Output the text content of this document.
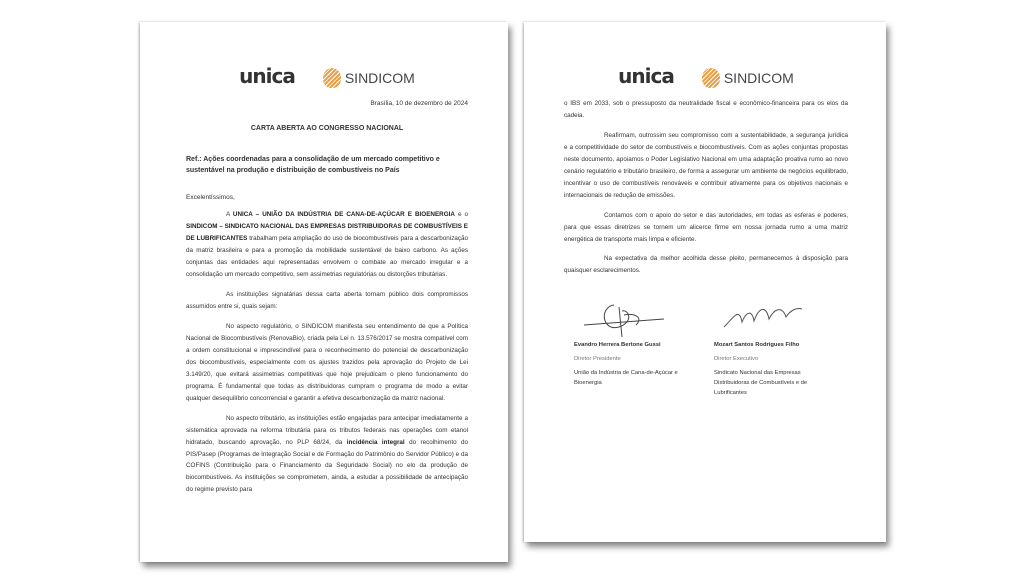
unica	SINDICOM
Brasília, 10 de dezembro de 2024
CARTA ABERTA AO CONGRESSO NACIONAL
Ref.: Ações coordenadas para a consolidação de um mercado competitivo e sustentável na produção e distribuição de combustíveis no País
Excelentíssimos,

A UNICA – UNIÃO DA INDÚSTRIA DE CANA-DE-AÇÚCAR E BIOENERGIA e o SINDICOM – SINDICATO NACIONAL DAS EMPRESAS DISTRIBUIDORAS DE COMBUSTÍVEIS E DE LUBRIFICANTES trabalham pela ampliação do uso de biocombustíveis para a descarbonização da matriz brasileira e para a promoção da mobilidade sustentável de baixo carbono. As ações conjuntas das entidades aqui representadas envolvem o combate ao mercado irregular e a consolidação um mercado competitivo, sem assimetrias regulatórias ou distorções tributárias.

As instituições signatárias dessa carta aberta tornam público dois compromissos assumidos entre si, quais sejam:

No aspecto regulatório, o SINDICOM manifesta seu entendimento de que a Política Nacional de Biocombustíveis (RenovaBio), criada pela Lei n. 13.576/2017 se mostra compatível com a ordem constitucional e imprescindível para o reconhecimento do potencial de descarbonização dos biocombustíveis, especialmente com os ajustes trazidos pela aprovação do Projeto de Lei 3.149/20, que evitará assimetrias competitivas que hoje prejudicam o pleno funcionamento do programa. É fundamental que todas as distribuidoras cumpram o programa de modo a evitar qualquer desequilíbrio concorrencial e garantir a efetiva descarbonização da matriz nacional.

No aspecto tributário, as instituições estão engajadas para antecipar imediatamente a sistemática aprovada na reforma tributária para os tributos federais nas operações com etanol hidratado, buscando aprovação, no PLP 68/24, da incidência integral do recolhimento do PIS/Pasep (Programas de Integração Social e de Formação do Patrimônio do Servidor Público) e da COFINS (Contribuição para o Financiamento da Seguridade Social) no elo da produção de biocombustíveis. As instituições se comprometem, ainda, a estudar a possibilidade de antecipação do regime previsto para

unica	SINDICOM

o IBS em 2033, sob o pressuposto da neutralidade fiscal e econômico-financeira para os elos da cadeia.

Reafirmam, outrossim seu compromisso com a sustentabilidade, a segurança jurídica e a competitividade do setor de combustíveis e biocombustíveis. Com as ações conjuntas propostas neste documento, apoiamos o Poder Legislativo Nacional em uma adaptação proativa rumo ao novo cenário regulatório e tributário brasileiro, de forma a assegurar um ambiente de negócios equilibrado, incentivar o uso de combustíveis renováveis e contribuir ativamente para os objetivos nacionais e internacionais de redução de emissões.

Contamos com o apoio do setor e das autoridades, em todas as esferas e poderes, para que essas diretrizes se tornem um alicerce firme em nossa jornada rumo a uma matriz energética de transporte mais limpa e eficiente.

Na expectativa da melhor acolhida desse pleito, permanecemos à disposição para quaisquer esclarecimentos.

Evandro Herrera Bertone Gussi
Diretor Presidente
União da Indústria de Cana-de-Açúcar e Bioenergia
Mozart Santos Rodrigues Filho
Diretor Executivo
Sindicato Nacional das Empresas Distribuidoras de Combustíveis e de Lubrificantes
